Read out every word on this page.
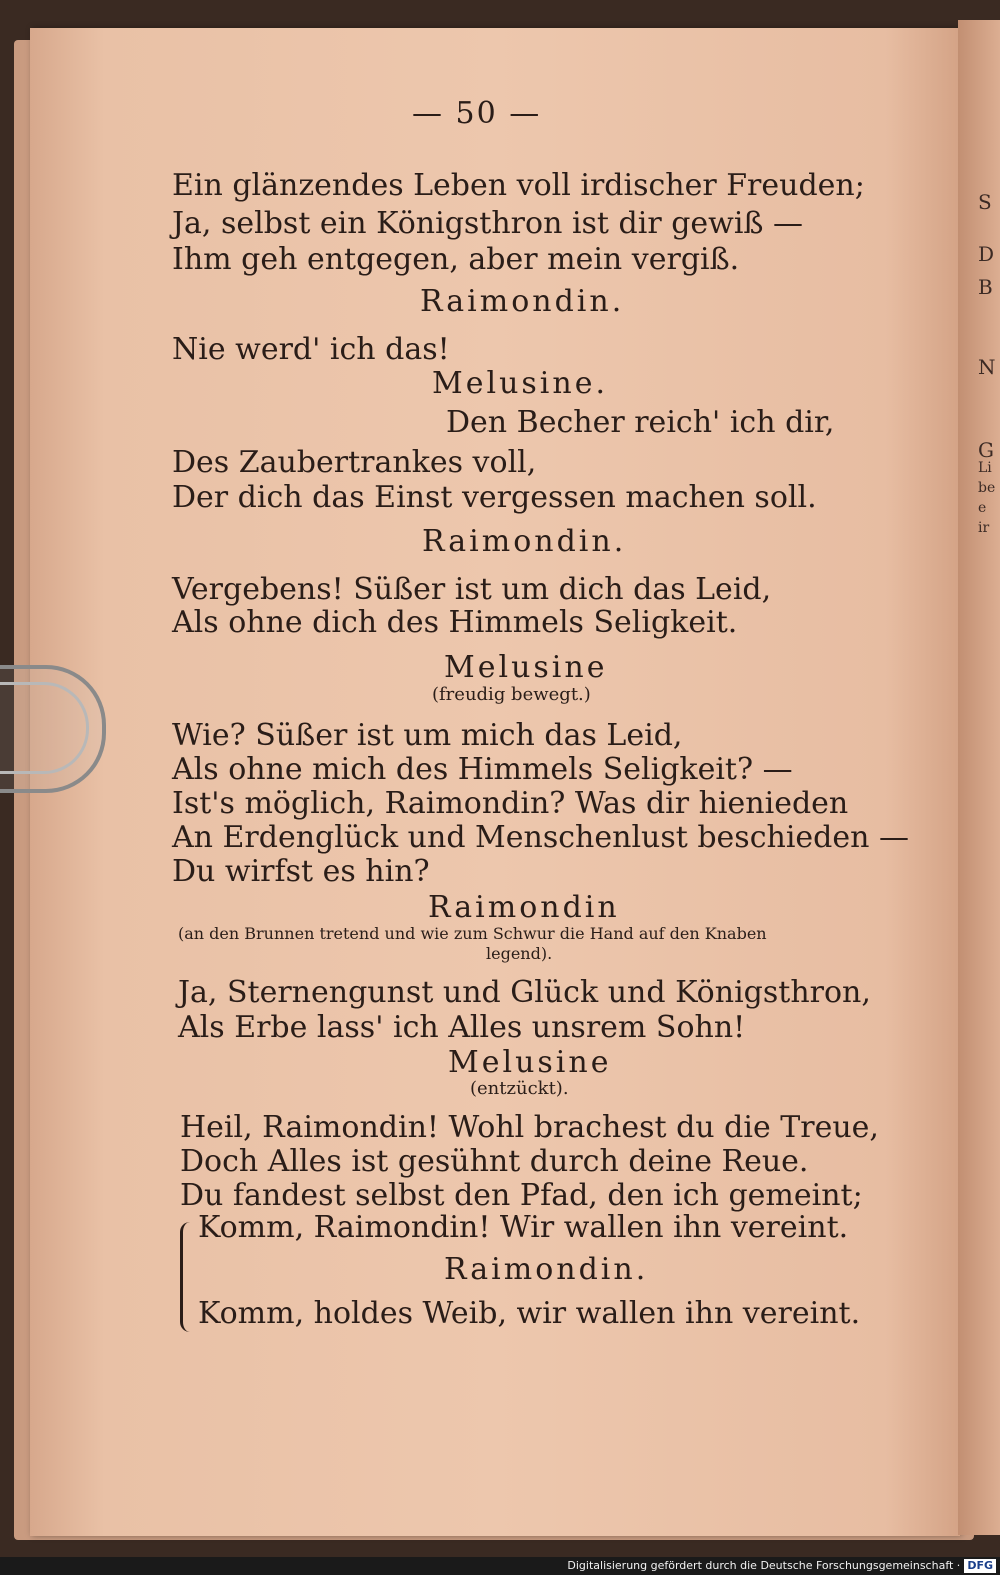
S
D
B
N
G
Li
be
e
ir
— 50 —
Ein glänzendes Leben voll irdischer Freuden;
Ja, selbst ein Königsthron ist dir gewiß —
Ihm geh entgegen, aber mein vergiß.
Raimondin.
Nie werd' ich das!
Melusine.
Den Becher reich' ich dir,
Des Zaubertrankes voll,
Der dich das Einst vergessen machen soll.
Raimondin.
Vergebens! Süßer ist um dich das Leid,
Als ohne dich des Himmels Seligkeit.
Melusine
(freudig bewegt.)
Wie? Süßer ist um mich das Leid,
Als ohne mich des Himmels Seligkeit? —
Ist's möglich, Raimondin? Was dir hienieden
An Erdenglück und Menschenlust beschieden —
Du wirfst es hin?
Raimondin
(an den Brunnen tretend und wie zum Schwur die Hand auf den Knaben
legend).
Ja, Sternengunst und Glück und Königsthron,
Als Erbe lass' ich Alles unsrem Sohn!
Melusine
(entzückt).
Heil, Raimondin! Wohl brachest du die Treue,
Doch Alles ist gesühnt durch deine Reue.
Du fandest selbst den Pfad, den ich gemeint;
Komm, Raimondin! Wir wallen ihn vereint.
Raimondin.
Komm, holdes Weib, wir wallen ihn vereint.
Digitalisierung gefördert durch die Deutsche Forschungsgemeinschaft · DFG
